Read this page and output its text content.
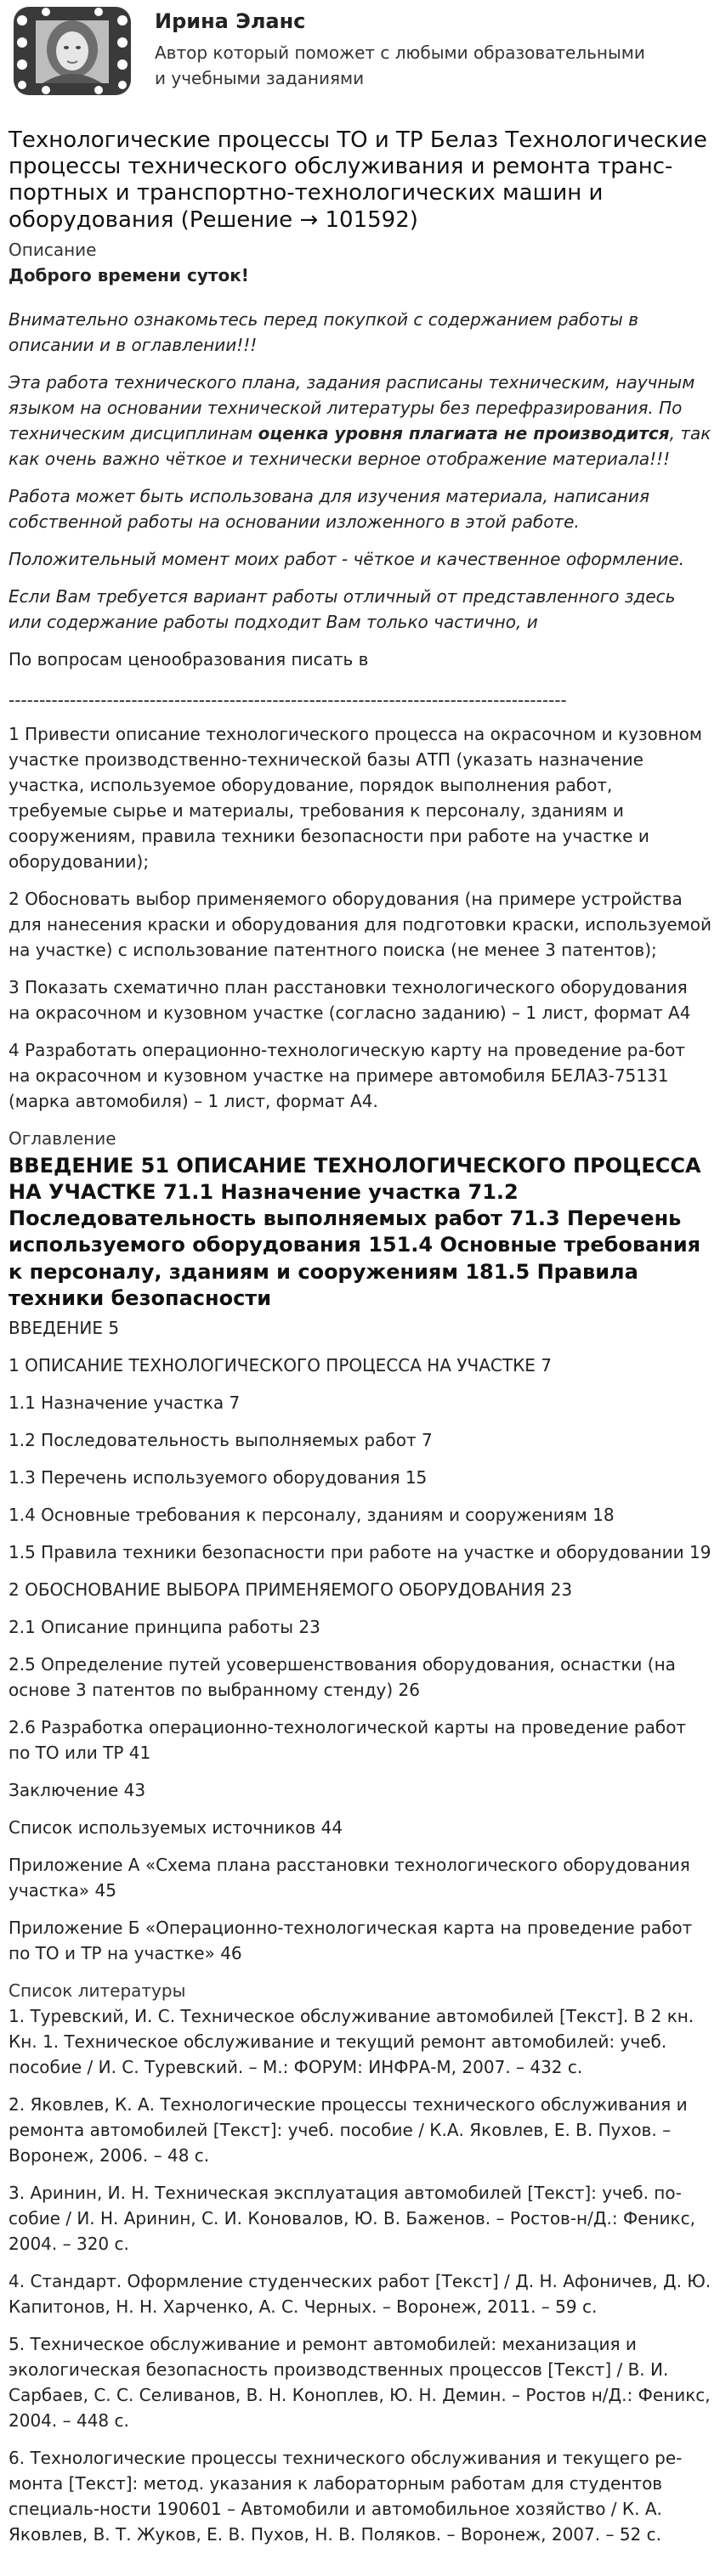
Ирина Эланс
Автор который поможет с любыми образовательными и учебными заданиями
Технологические процессы ТО и ТР Белаз Технологические процессы технического обслуживания и ремонта транс-портных и транспортно-технологических машин и оборудования (Решение → 101592)
Описание
Доброго времени суток!

Внимательно ознакомьтесь перед покупкой с содержанием работы в описании и в оглавлении!!!

Эта работа технического плана, задания расписаны техническим, научным языком на основании технической литературы без перефразирования. По техническим дисциплинам оценка уровня плагиата не производится, так как очень важно чёткое и технически верное отображение материала!!!

Работа может быть использована для изучения материала, написания собственной работы на основании изложенного в этой работе.

Положительный момент моих работ - чёткое и качественное оформление.

Если Вам требуется вариант работы отличный от представленного здесь или содержание работы подходит Вам только частично, и

По вопросам ценообразования писать в

-------------------------------------------------------------------------------------------

1 Привести описание технологического процесса на окрасочном и кузовном участке производственно-технической базы АТП (указать назначение участка, используемое оборудование, порядок выполнения работ, требуемые сырье и материалы, требования к персоналу, зданиям и сооружениям, правила техники безопасности при работе на участке и оборудовании);

2 Обосновать выбор применяемого оборудования (на примере устройства для нанесения краски и оборудования для подготовки краски, используемой на участке) с использование патентного поиска (не менее 3 патентов);

3 Показать схематично план расстановки технологического оборудования на окрасочном и кузовном участке (согласно заданию) – 1 лист, формат А4

4 Разработать операционно-технологическую карту на проведение ра-бот на окрасочном и кузовном участке на примере автомобиля БЕЛАЗ-75131 (марка автомобиля) – 1 лист, формат А4.

Оглавление
ВВЕДЕНИЕ 51 ОПИСАНИЕ ТЕХНОЛОГИЧЕСКОГО ПРОЦЕССА НА УЧАСТКЕ 71.1 Назначение участка 71.2 Последовательность выполняемых работ 71.3 Перечень используемого оборудования 151.4 Основные требования к персоналу, зданиям и сооружениям 181.5 Правила техники безопасности
ВВЕДЕНИЕ 5
1 ОПИСАНИЕ ТЕХНОЛОГИЧЕСКОГО ПРОЦЕССА НА УЧАСТКЕ 7
1.1 Назначение участка 7
1.2 Последовательность выполняемых работ 7
1.3 Перечень используемого оборудования 15
1.4 Основные требования к персоналу, зданиям и сооружениям 18
1.5 Правила техники безопасности при работе на участке и оборудовании 19
2 ОБОСНОВАНИЕ ВЫБОРА ПРИМЕНЯЕМОГО ОБОРУДОВАНИЯ 23
2.1 Описание принципа работы 23
2.5 Определение путей усовершенствования оборудования, оснастки (на основе 3 патентов по выбранному стенду) 26
2.6 Разработка операционно-технологической карты на проведение работ по ТО или ТР 41
Заключение 43
Список используемых источников 44
Приложение А «Схема плана расстановки технологического оборудования участка» 45
Приложение Б «Операционно-технологическая карта на проведение работ по ТО и ТР на участке» 46
Список литературы

1. Туревский, И. С. Техническое обслуживание автомобилей [Текст]. В 2 кн. Кн. 1. Техническое обслуживание и текущий ремонт автомобилей: учеб. пособие / И. С. Туревский. – М.: ФОРУМ: ИНФРА-М, 2007. – 432 с.

2. Яковлев, К. А. Технологические процессы технического обслуживания и ремонта автомобилей [Текст]: учеб. пособие / К.А. Яковлев, Е. В. Пухов. – Воронеж, 2006. – 48 с.

3. Аринин, И. Н. Техническая эксплуатация автомобилей [Текст]: учеб. по-собие / И. Н. Аринин, С. И. Коновалов, Ю. В. Баженов. – Ростов-н/Д.: Феникс, 2004. – 320 с.

4. Стандарт. Оформление студенческих работ [Текст] / Д. Н. Афоничев, Д. Ю. Капитонов, Н. Н. Харченко, А. С. Черных. – Воронеж, 2011. – 59 с.

5. Техническое обслуживание и ремонт автомобилей: механизация и экологическая безопасность производственных процессов [Текст] / В. И. Сарбаев, С. С. Селиванов, В. Н. Коноплев, Ю. Н. Демин. – Ростов н/Д.: Феникс, 2004. – 448 с.

6. Технологические процессы технического обслуживания и текущего ре-монта [Текст]: метод. указания к лабораторным работам для студентов специаль-ности 190601 – Автомобили и автомобильное хозяйство / К. А. Яковлев, В. Т. Жуков, Е. В. Пухов, Н. В. Поляков. – Воронеж, 2007. – 52 с.
